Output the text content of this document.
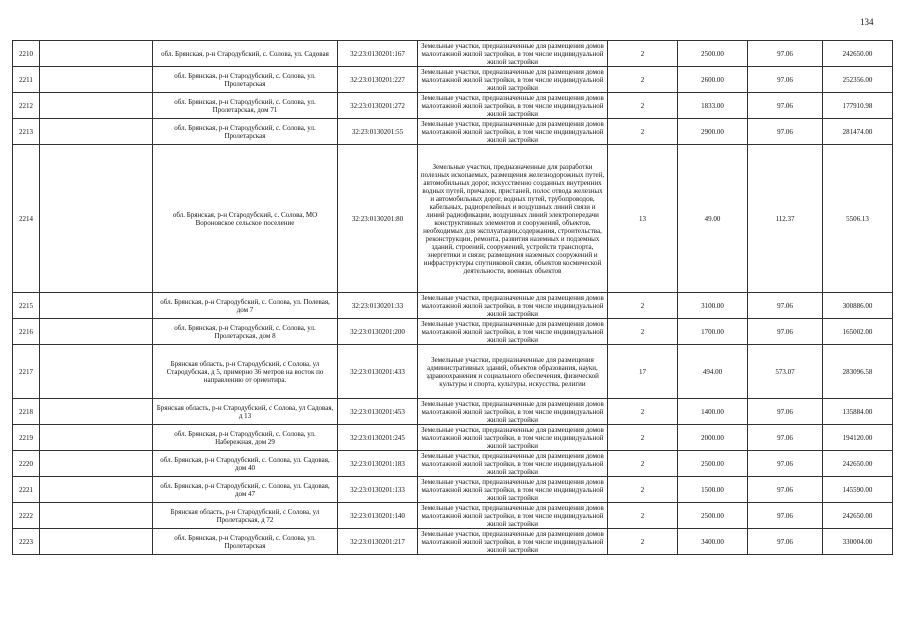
134
2210		обл. Брянская, р-н Стародубский, с. Солова, ул. Садовая	32:23:0130201:167	Земельные участки, предназначенные для размещения домов малоэтажной жилой застройки, в том числе индивидуальной жилой застройки	2	2500.00	97.06	242650.00
2211		обл. Брянская, р-н Стародубский, с. Солова, ул. Пролетарская	32:23:0130201:227	Земельные участки, предназначенные для размещения домов малоэтажной жилой застройки, в том числе индивидуальной жилой застройки	2	2600.00	97.06	252356.00
2212		обл. Брянская, р-н Стародубский, с. Солова, ул. Пролетарская, дом 71	32:23:0130201:272	Земельные участки, предназначенные для размещения домов малоэтажной жилой застройки, в том числе индивидуальной жилой застройки	2	1833.00	97.06	177910.98
2213		обл. Брянская, р-н Стародубский, с. Солова, ул. Пролетарская	32:23:0130201:55	Земельные участки, предназначенные для размещения домов малоэтажной жилой застройки, в том числе индивидуальной жилой застройки	2	2900.00	97.06	281474.00
2214		обл. Брянская, р-н Стародубский, с. Солова, МО Вороновское сельское поселение	32:23:0130201:80	Земельные участки, предназначенные для разработки полезных ископаемых, размещения железнодорожных путей, автомобильных дорог, искусственно созданных внутренних водных путей, причалов, пристаней, полос отвода железных и автомобильных дорог, водных путей, трубопроводов, кабельных, радиорелейных и воздушных линий связи и линий радиофикации, воздушных линий электропередачи конструктивных элементов и сооружений, объектов, необходимых для эксплуатации,содержания, строительства, реконструкции, ремонта, развития наземных и подземных зданий, строений, сооружений, устройств транспорта, энергетики и связи; размещения наземных сооружений и инфраструктуры спутниковой связи, объектов космической деятельности, военных объектов	13	49.00	112.37	5506.13
2215		обл. Брянская, р-н Стародубский, с. Солова, ул. Полевая, дом 7	32:23:0130201:33	Земельные участки, предназначенные для размещения домов малоэтажной жилой застройки, в том числе индивидуальной жилой застройки	2	3100.00	97.06	300886.00
2216		обл. Брянская, р-н Стародубский, с. Солова, ул. Пролетарская, дом 8	32:23:0130201:200	Земельные участки, предназначенные для размещения домов малоэтажной жилой застройки, в том числе индивидуальной жилой застройки	2	1700.00	97.06	165002.00
2217		Брянская область, р-н Стародубский, с Солова, ул Стародубская, д 5, примерно 36 метров на восток по направлению от ориентира.	32:23:0130201:433	Земельные участки, предназначенные для размещения административных зданий, объектов образования, науки, здравоохранения и социального обеспечения, физической культуры и спорта, культуры, искусства, религии	17	494.00	573.07	283096.58
2218		Брянская область, р-н Стародубский, с Солова, ул Садовая, д 13	32:23:0130201:453	Земельные участки, предназначенные для размещения домов малоэтажной жилой застройки, в том числе индивидуальной жилой застройки	2	1400.00	97.06	135884.00
2219		обл. Брянская, р-н Стародубский, с. Солова, ул. Набережная, дом 29	32:23:0130201:245	Земельные участки, предназначенные для размещения домов малоэтажной жилой застройки, в том числе индивидуальной жилой застройки	2	2000.00	97.06	194120.00
2220		обл. Брянская, р-н Стародубский, с. Солова, ул. Садовая, дом 40	32:23:0130201:183	Земельные участки, предназначенные для размещения домов малоэтажной жилой застройки, в том числе индивидуальной жилой застройки	2	2500.00	97.06	242650.00
2221		обл. Брянская, р-н Стародубский, с. Солова, ул. Садовая, дом 47	32:23:0130201:133	Земельные участки, предназначенные для размещения домов малоэтажной жилой застройки, в том числе индивидуальной жилой застройки	2	1500.00	97.06	145590.00
2222		Брянская область, р-н Стародубский, с Солова, ул Пролетарская, д 72	32:23:0130201:140	Земельные участки, предназначенные для размещения домов малоэтажной жилой застройки, в том числе индивидуальной жилой застройки	2	2500.00	97.06	242650.00
2223		обл. Брянская, р-н Стародубский, с. Солова, ул. Пролетарская	32:23:0130201:217	Земельные участки, предназначенные для размещения домов малоэтажной жилой застройки, в том числе индивидуальной жилой застройки	2	3400.00	97.06	330004.00
